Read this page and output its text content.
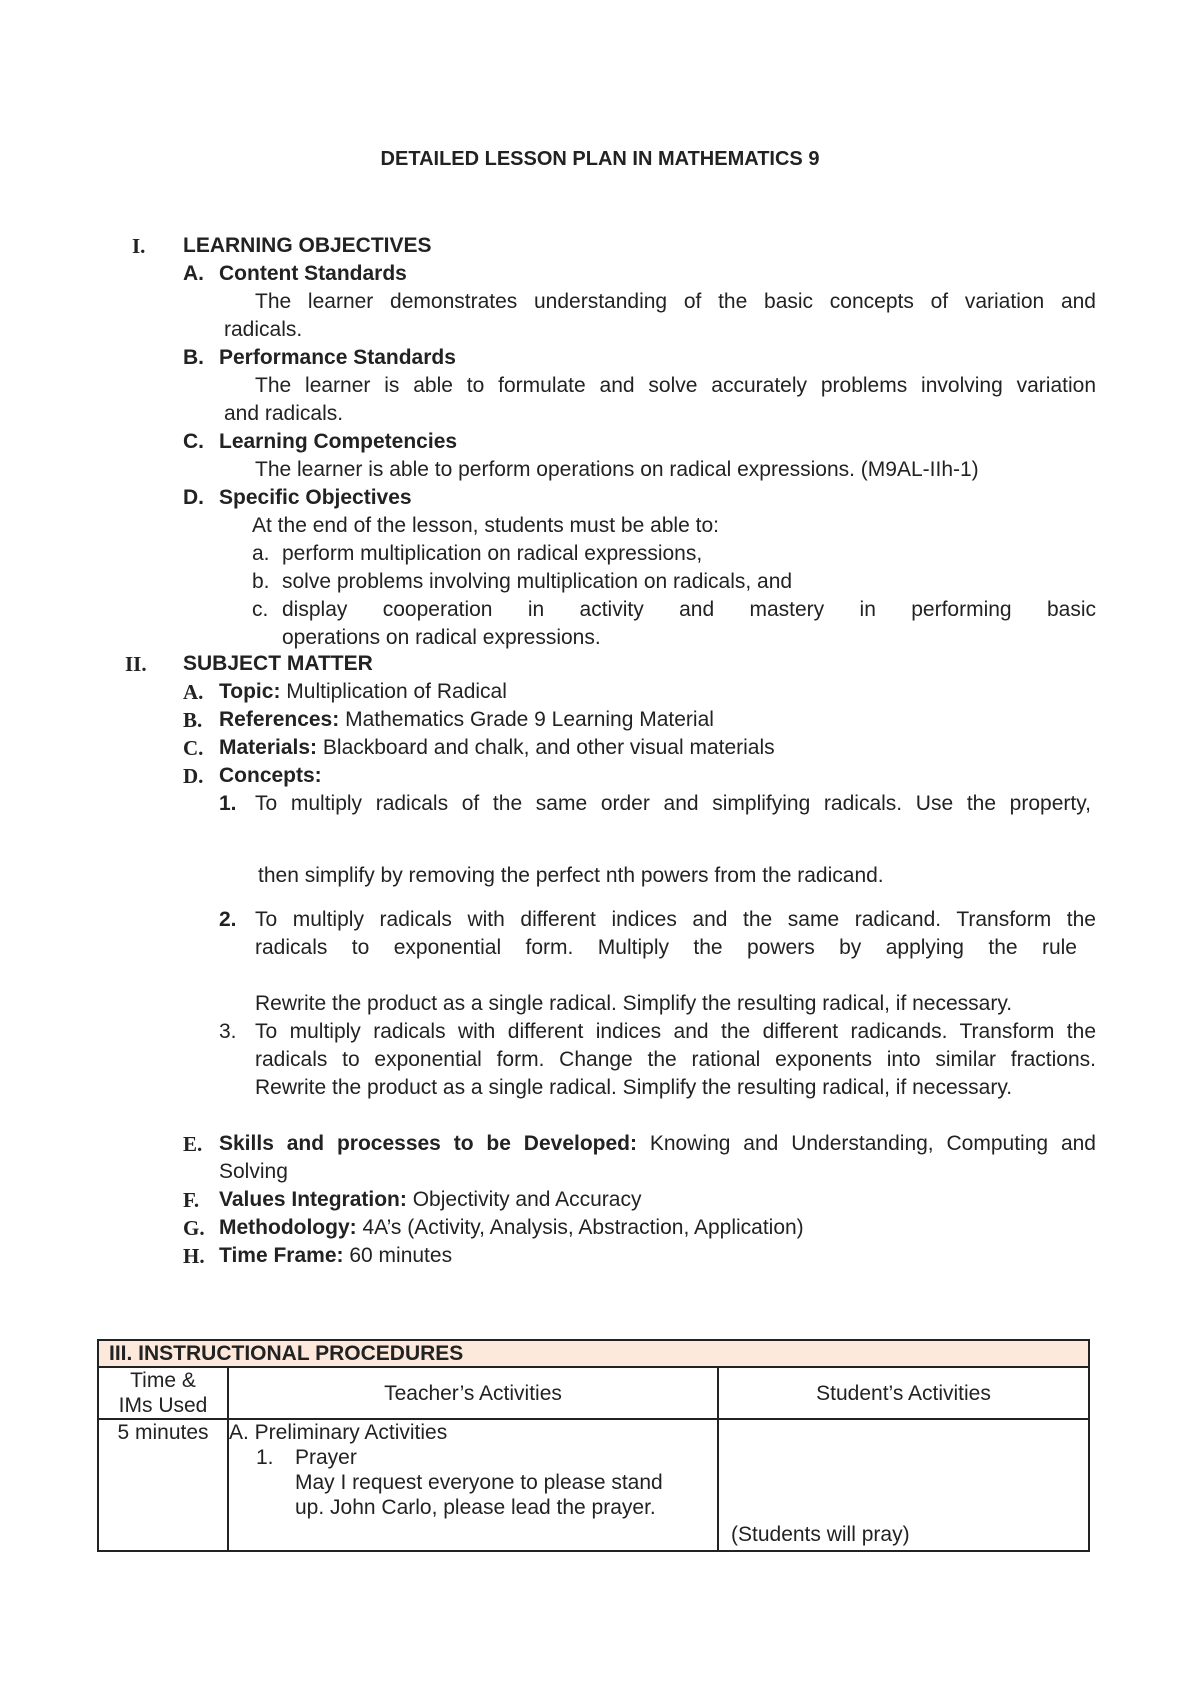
DETAILED LESSON PLAN IN MATHEMATICS 9
I. LEARNING OBJECTIVES
A. Content Standards
The learner demonstrates understanding of the basic concepts of variation and
radicals.
B. Performance Standards
The learner is able to formulate and solve accurately problems involving variation
and radicals.
C. Learning Competencies
The learner is able to perform operations on radical expressions. (M9AL-IIh-1)
D. Specific Objectives
At the end of the lesson, students must be able to:
a. perform multiplication on radical expressions,
b. solve problems involving multiplication on radicals, and
c. display cooperation in activity and mastery in performing basic
operations on radical expressions.
II. SUBJECT MATTER
A. Topic: Multiplication of Radical
B. References: Mathematics Grade 9 Learning Material
C. Materials: Blackboard and chalk, and other visual materials
D. Concepts:
1. To multiply radicals of the same order and simplifying radicals. Use the property,
then simplify by removing the perfect nth powers from the radicand.
2. To multiply radicals with different indices and the same radicand. Transform the
radicals to exponential form. Multiply the powers by applying the rule
Rewrite the product as a single radical. Simplify the resulting radical, if necessary.
3. To multiply radicals with different indices and the different radicands. Transform the
radicals to exponential form. Change the rational exponents into similar fractions.
Rewrite the product as a single radical. Simplify the resulting radical, if necessary.
E. Skills and processes to be Developed: Knowing and Understanding, Computing and
Solving
F. Values Integration: Objectivity and Accuracy
G. Methodology: 4A’s (Activity, Analysis, Abstraction, Application)
H. Time Frame: 60 minutes
III. INSTRUCTIONAL PROCEDURES		

Time &
IMs Used	Teacher’s Activities	Student’s Activities
5 minutes	A. Preliminary Activities
1. Prayer
May I request everyone to please stand
up. John Carlo, please lead the prayer.	(Students will pray)
